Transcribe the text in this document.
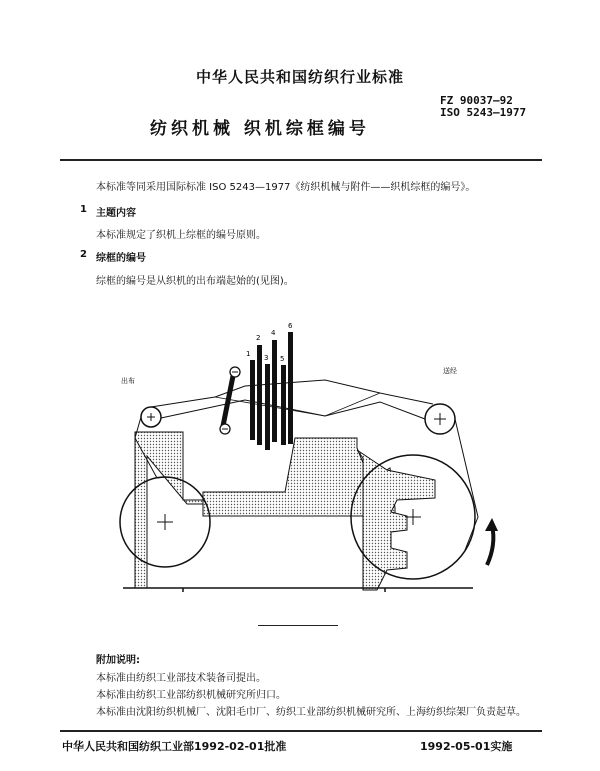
中华人民共和国纺织行业标准
纺织机械 织机综框编号
FZ 90037—92
ISO 5243—1977
本标准等同采用国际标准 ISO 5243—1977《纺织机械与附件——织机综框的编号》。
1 主题内容
本标准规定了织机上综框的编号原则。
2 综框的编号
综框的编号是从织机的出布端起始的(见图)。
1
2
3
4
5
6
出布
送经
附加说明:
本标准由纺织工业部技术装备司提出。
本标准由纺织工业部纺织机械研究所归口。
本标准由沈阳纺织机械厂、沈阳毛巾厂、纺织工业部纺织机械研究所、上海纺织综架厂负责起草。
中华人民共和国纺织工业部1992-02-01批准	1992-05-01实施
